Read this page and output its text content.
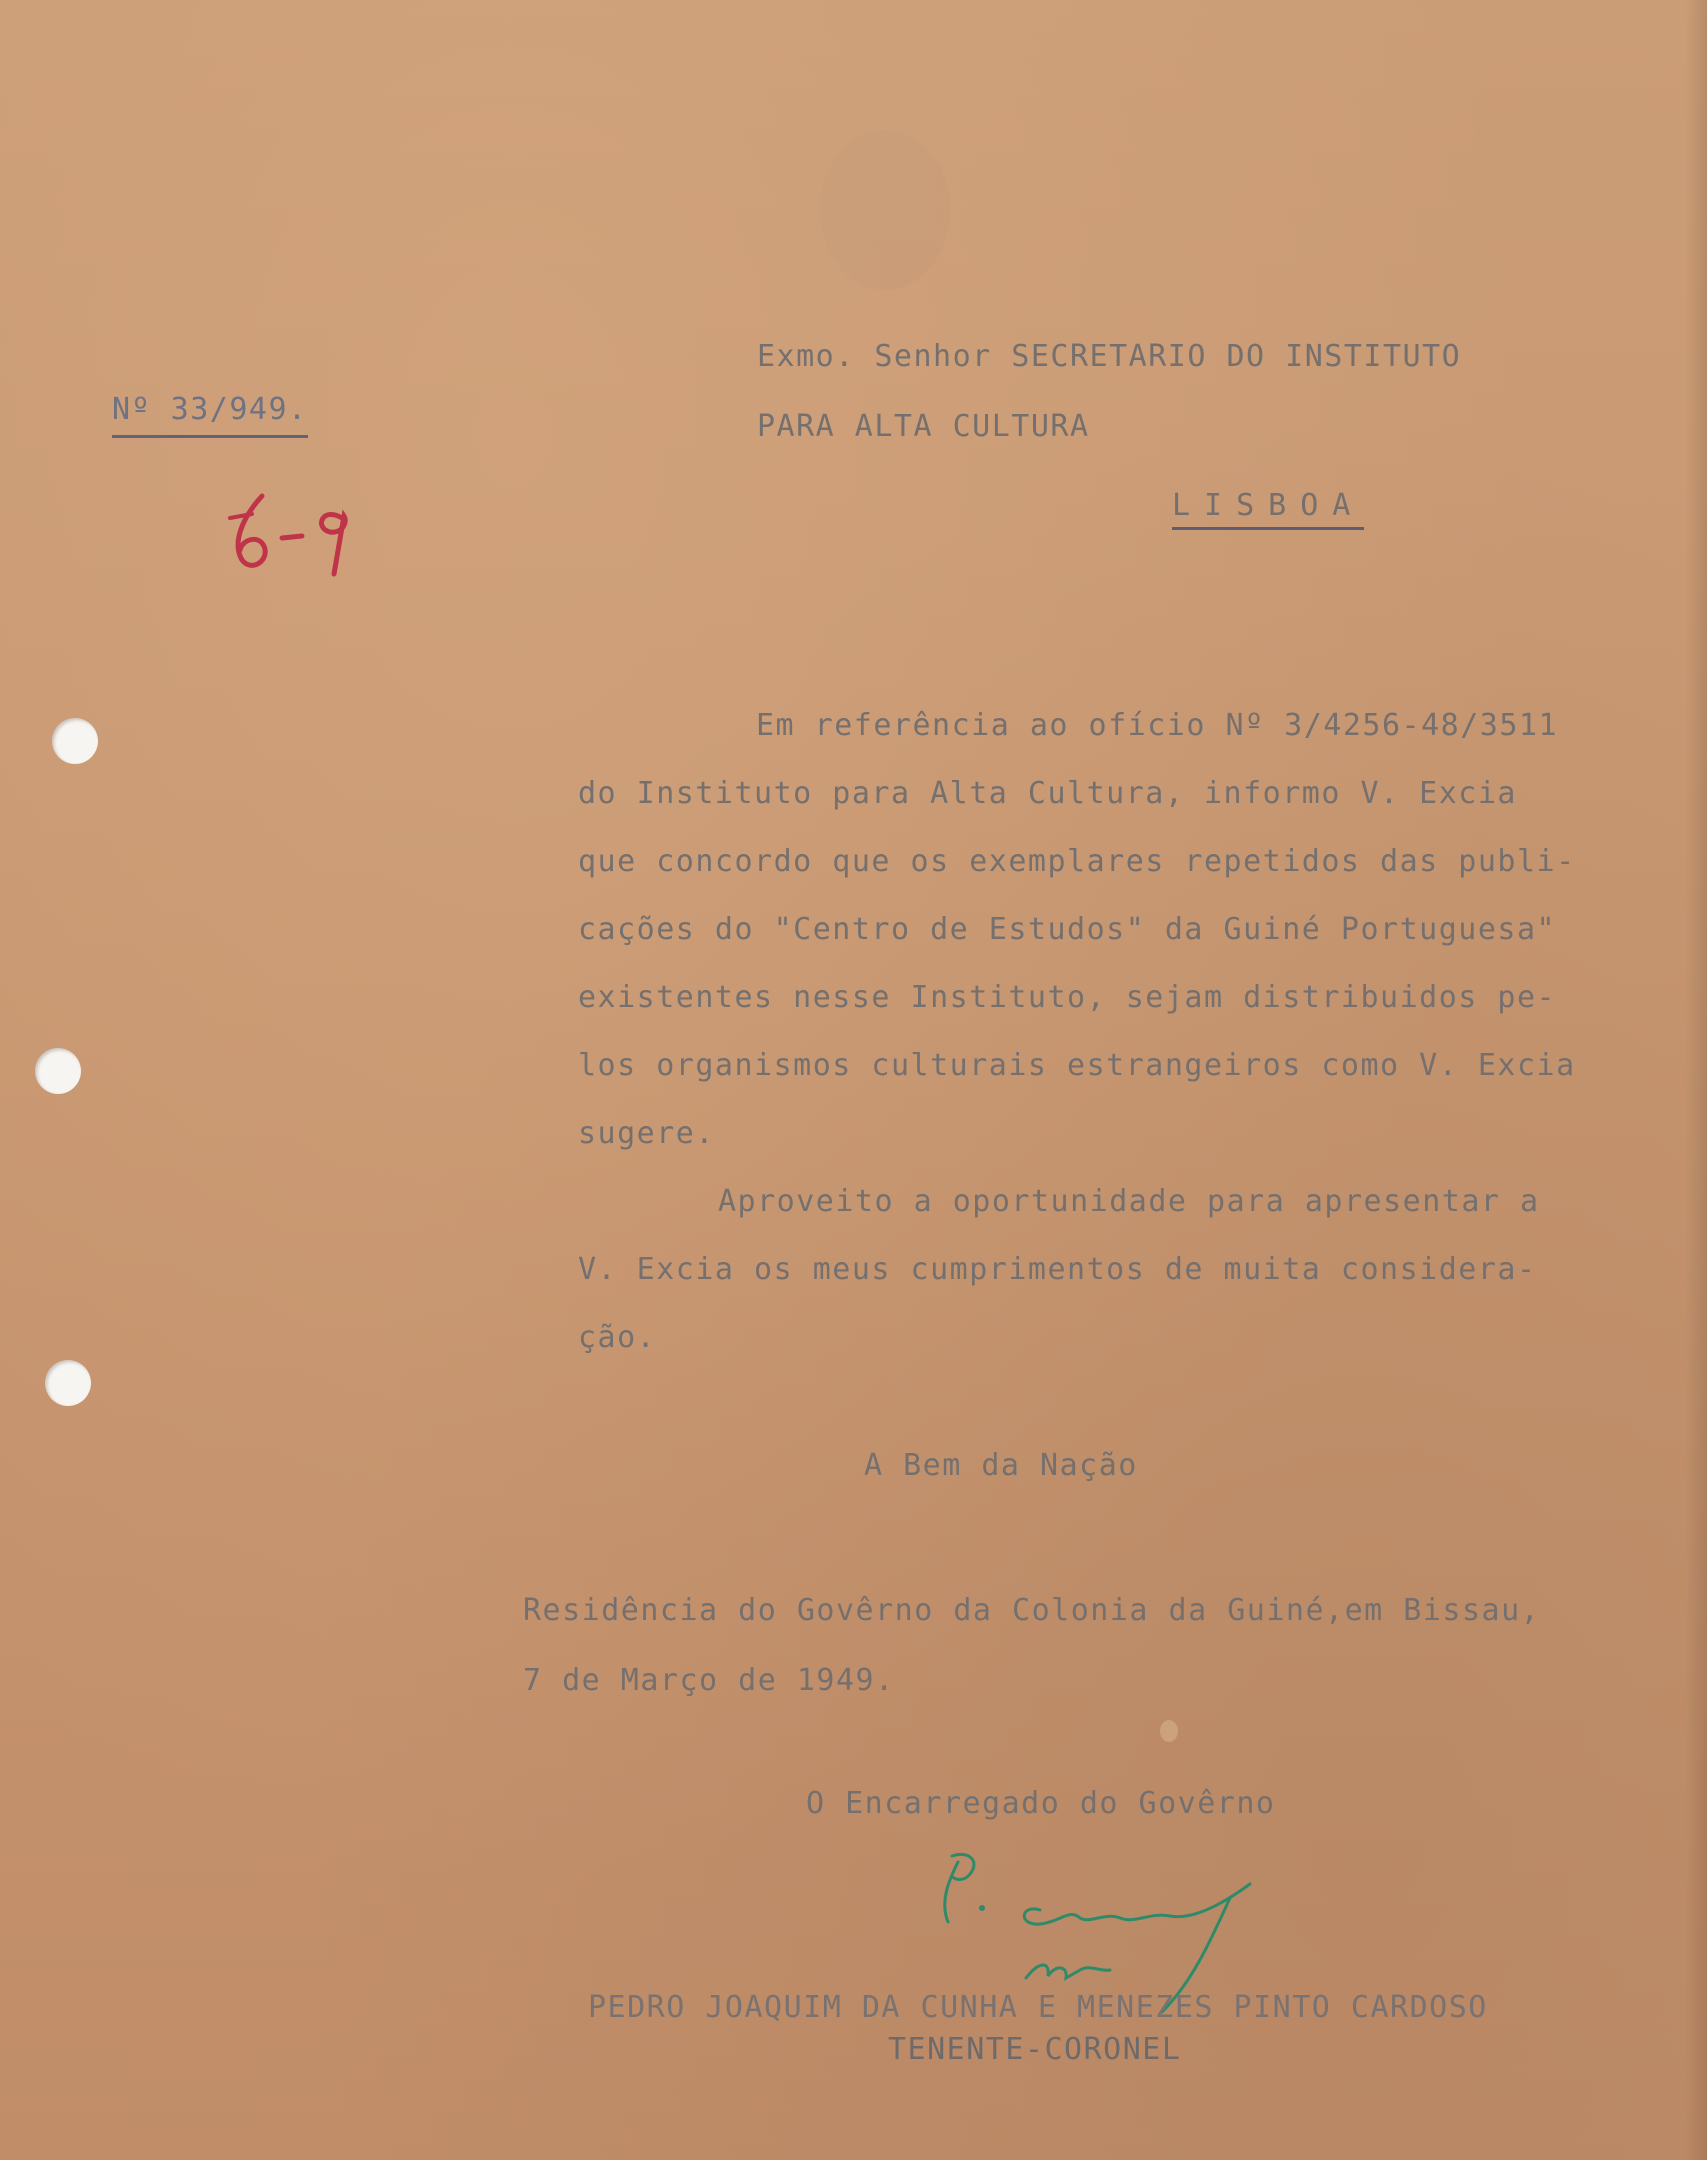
Nº 33/949.

Exmo. Senhor SECRETARIO DO INSTITUTO

PARA ALTA CULTURA

LISBOA

Em referência ao ofício Nº 3/4256-48/3511

do Instituto para Alta Cultura, informo V. Excia

que concordo que os exemplares repetidos das publi-

cações do "Centro de Estudos" da Guiné Portuguesa"

existentes nesse Instituto, sejam distribuidos pe-

los organismos culturais estrangeiros como V. Excia

sugere.

Aproveito a oportunidade para apresentar a

V. Excia os meus cumprimentos de muita considera-

ção.

A Bem da Nação

Residência do Govêrno da Colonia da Guiné,em Bissau,

7 de Março de 1949.

O Encarregado do Govêrno

PEDRO JOAQUIM DA CUNHA E MENEZES PINTO CARDOSO

TENENTE-CORONEL
